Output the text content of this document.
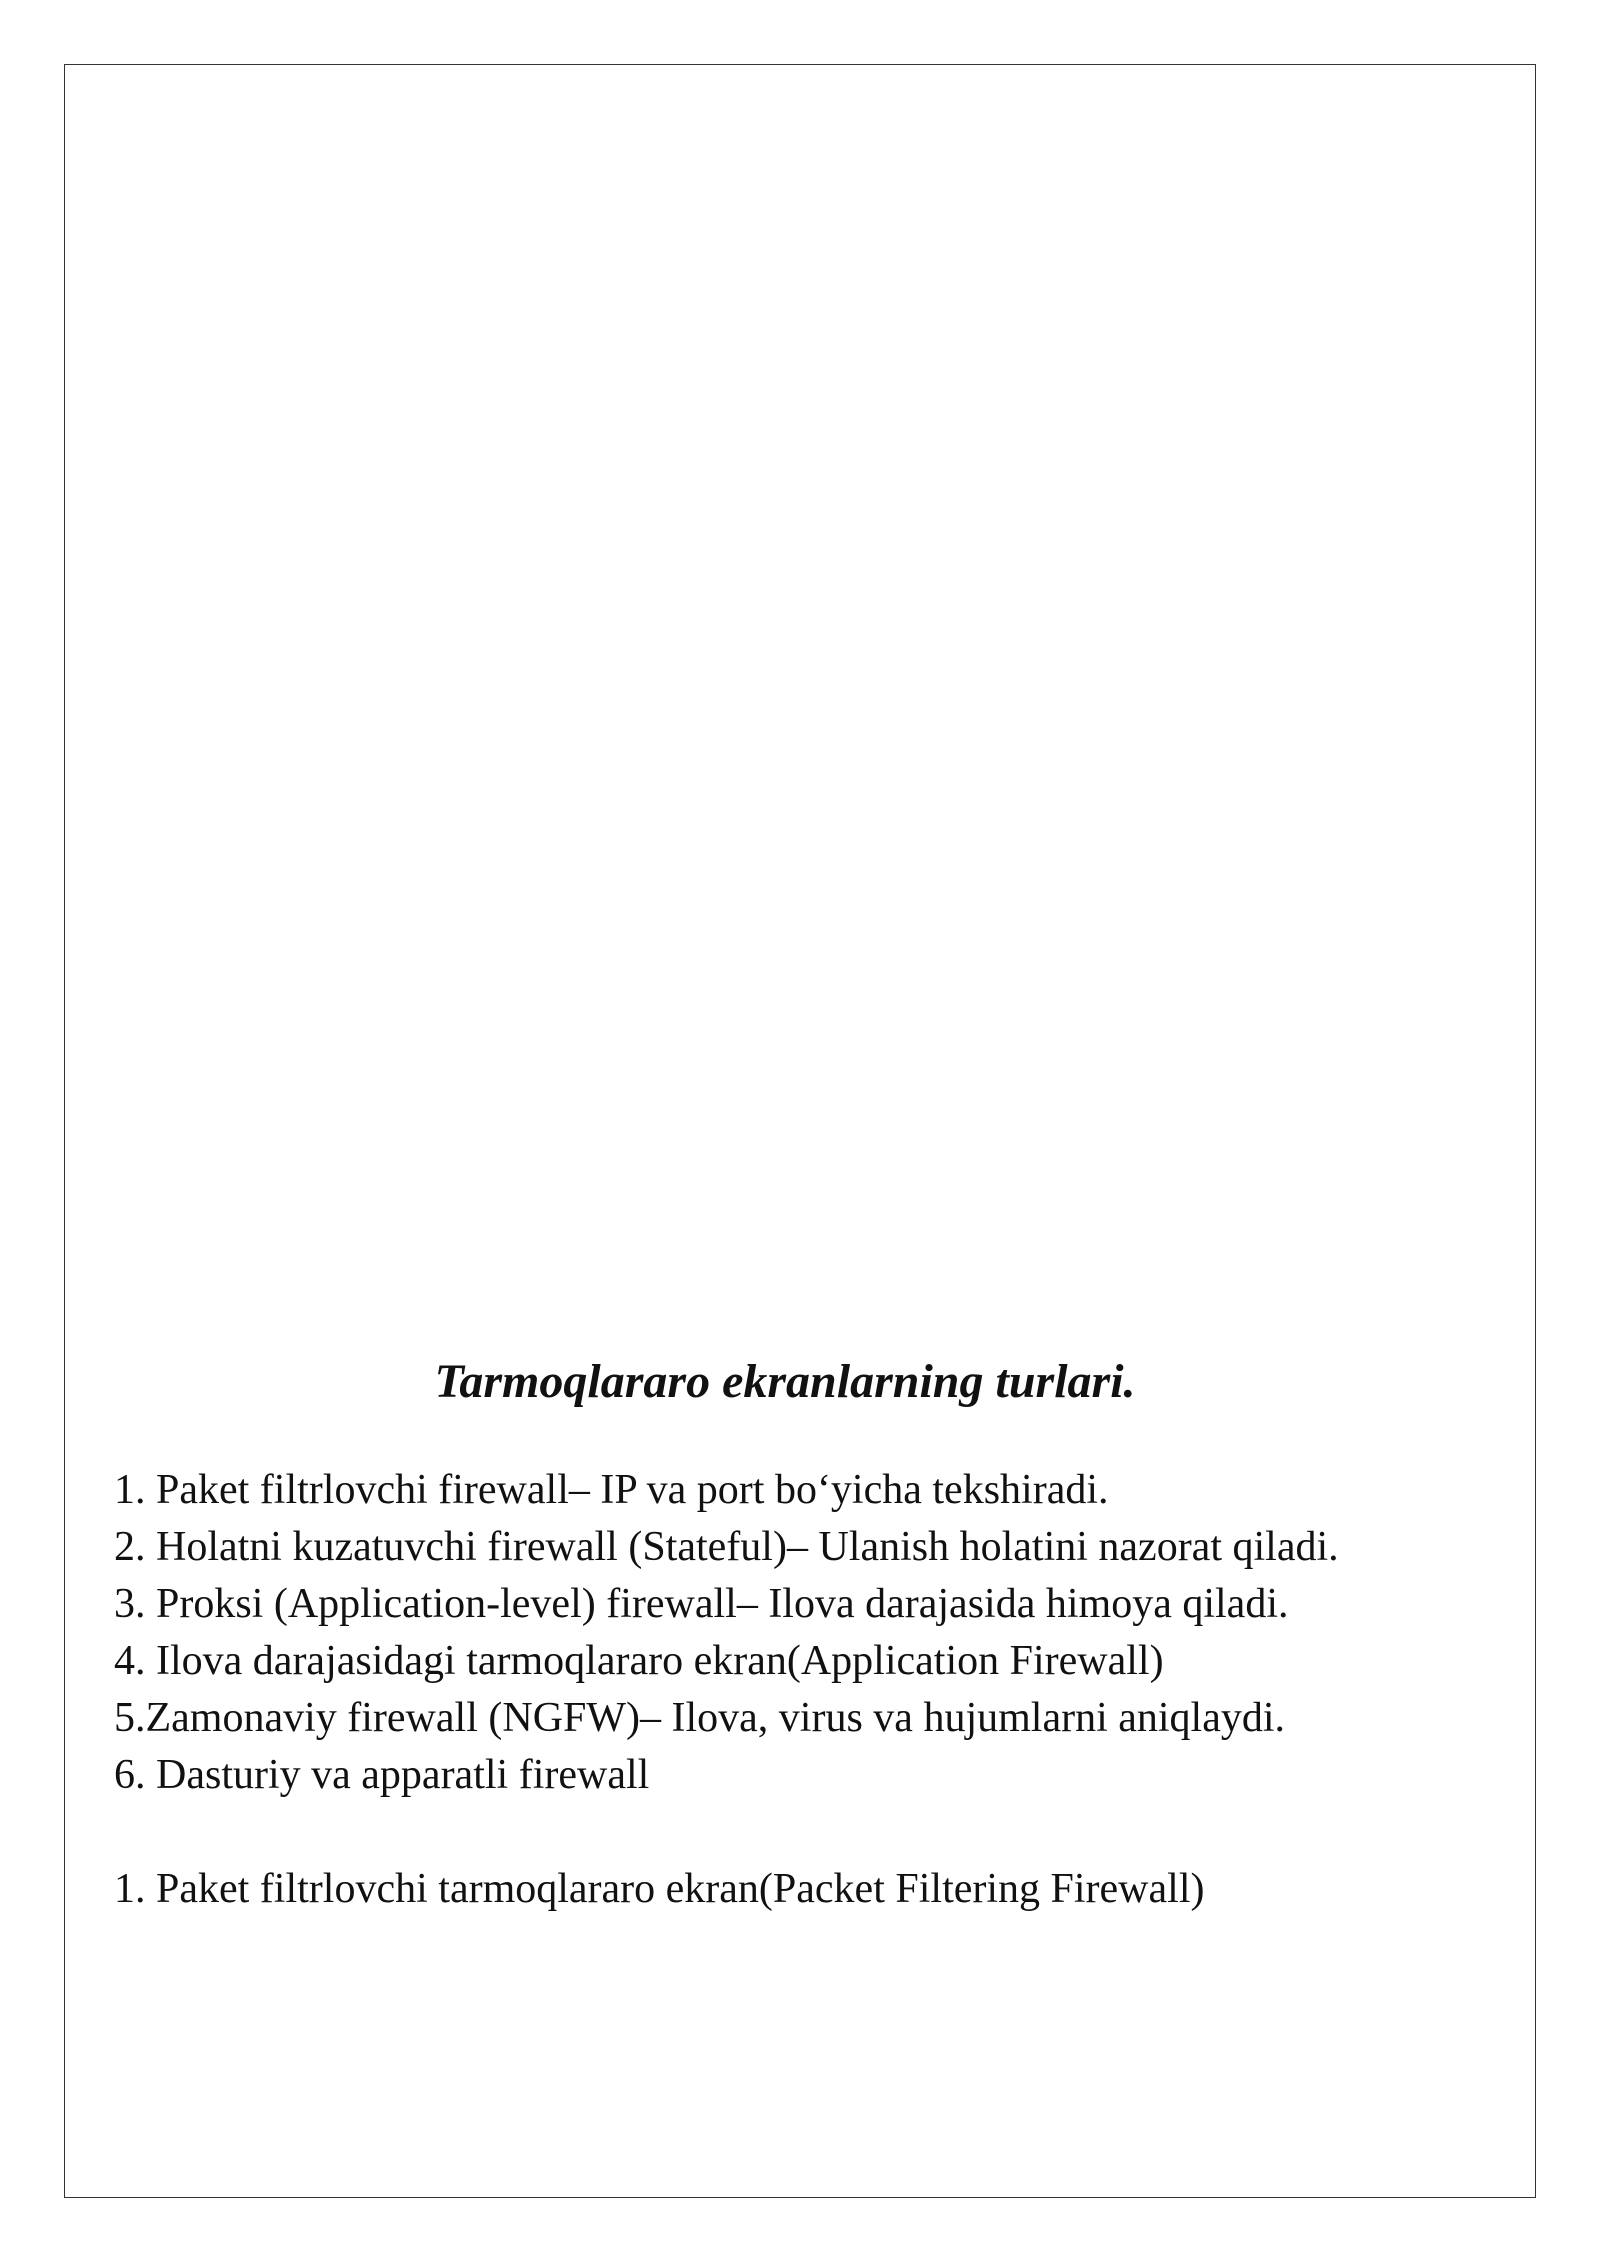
Tarmoqlararo ekranlarning turlari.
1. Paket filtrlovchi firewall– IP va port bo‘yicha tekshiradi.
2. Holatni kuzatuvchi firewall (Stateful)– Ulanish holatini nazorat qiladi.
3. Proksi (Application-level) firewall– Ilova darajasida himoya qiladi.
4. Ilova darajasidagi tarmoqlararo ekran(Application Firewall)
5.Zamonaviy firewall (NGFW)– Ilova, virus va hujumlarni aniqlaydi.
6. Dasturiy va apparatli firewall

1. Paket filtrlovchi tarmoqlararo ekran(Packet Filtering Firewall)
